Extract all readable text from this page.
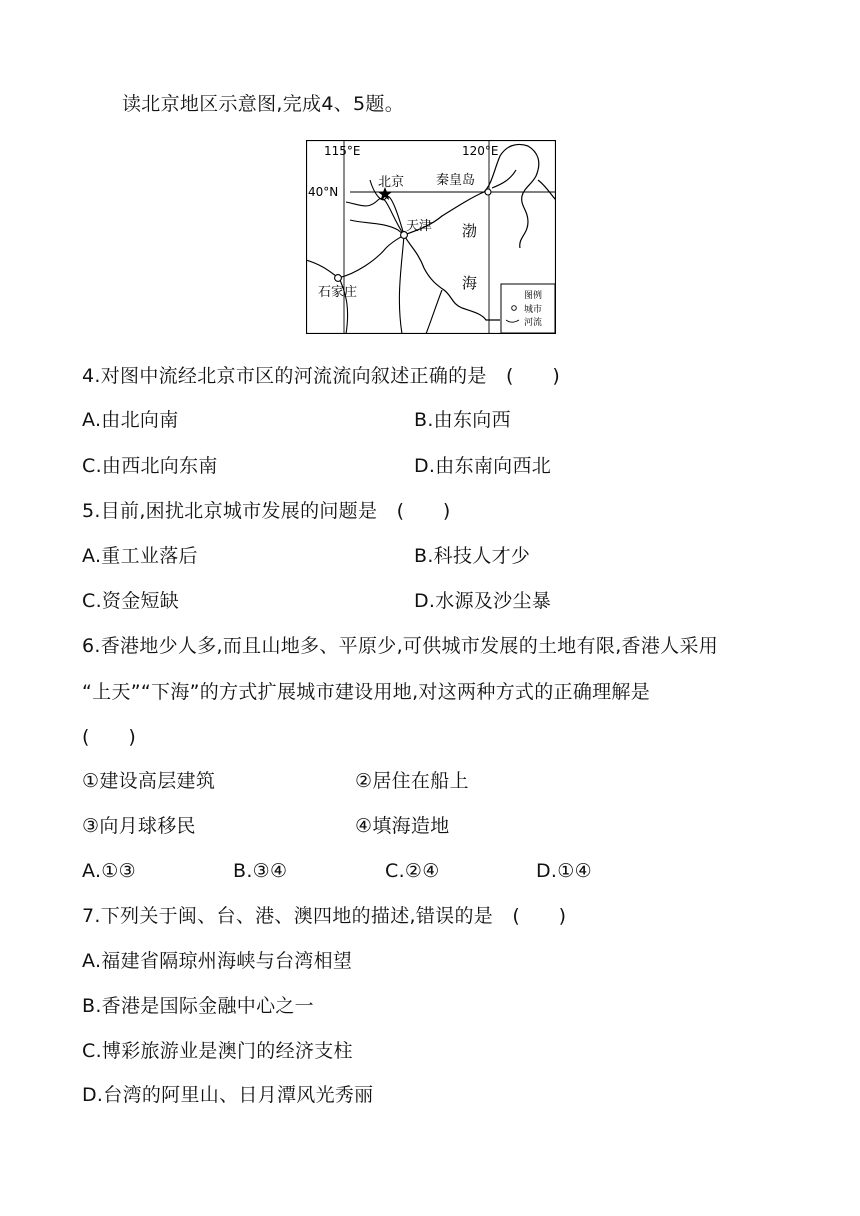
读北京地区示意图,完成4、5题。
115°E	120°E
40°N
北京 秦皇岛
天津
石家庄
渤
海
图例
城市
河流
4.对图中流经北京市区的河流流向叙述正确的是　(　　)
A.由北向南	B.由东向西
C.由西北向东南	D.由东南向西北
5.目前,困扰北京城市发展的问题是　(　　)
A.重工业落后	B.科技人才少
C.资金短缺	D.水源及沙尘暴
6.香港地少人多,而且山地多、平原少,可供城市发展的土地有限,香港人采用
“上天”“下海”的方式扩展城市建设用地,对这两种方式的正确理解是
(　　)
①建设高层建筑	②居住在船上
③向月球移民	④填海造地
A.①③	B.③④	C.②④	D.①④
7.下列关于闽、台、港、澳四地的描述,错误的是　(　　)
A.福建省隔琼州海峡与台湾相望
B.香港是国际金融中心之一
C.博彩旅游业是澳门的经济支柱
D.台湾的阿里山、日月潭风光秀丽
